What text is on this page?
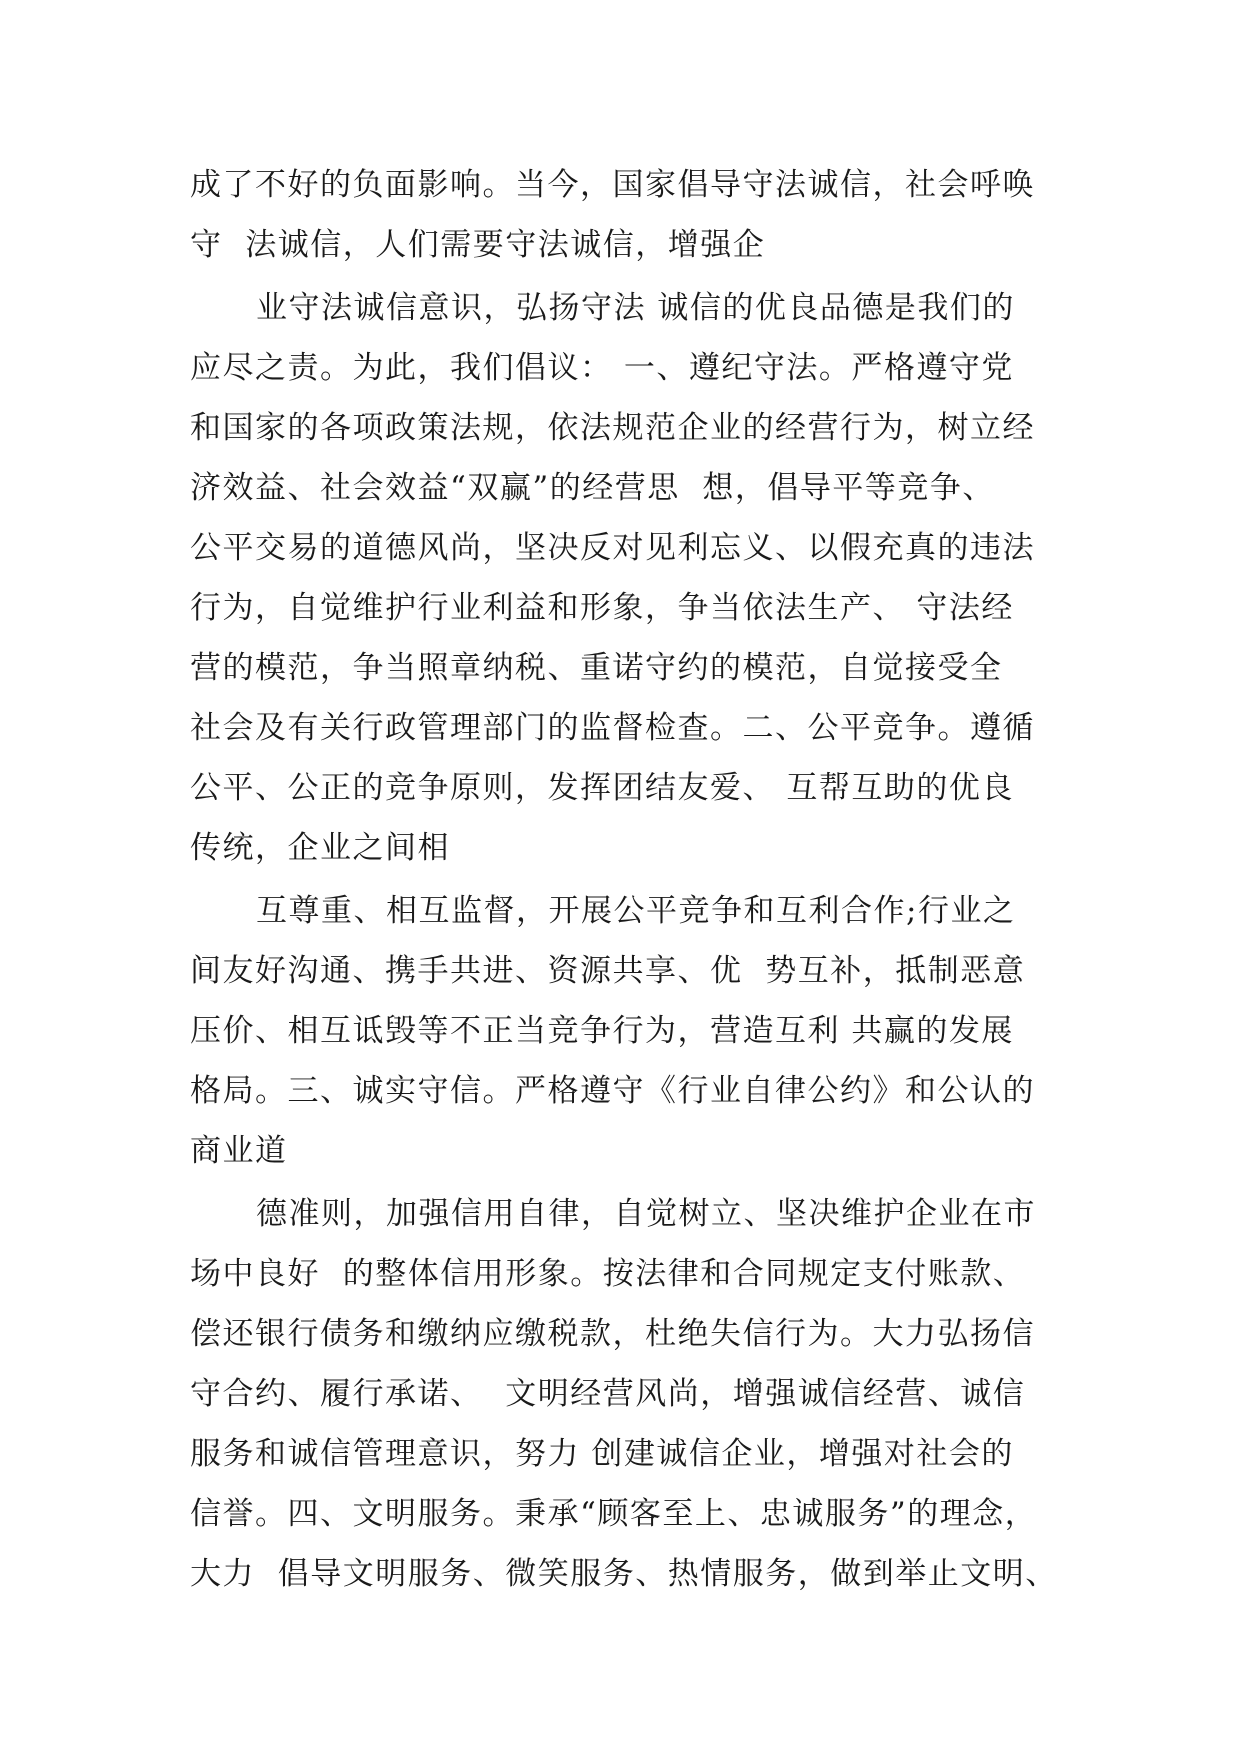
成了不好的负面影响。当今，国家倡导守法诚信，社会呼唤
守  法诚信，人们需要守法诚信，增强企
业守法诚信意识，弘扬守法 诚信的优良品德是我们的
应尽之责。为此，我们倡议： 一、遵纪守法。严格遵守党
和国家的各项政策法规，依法规范企业的经营行为，树立经
济效益、社会效益“双赢”的经营思  想，倡导平等竞争、
公平交易的道德风尚，坚决反对见利忘义、以假充真的违法
行为，自觉维护行业利益和形象，争当依法生产、 守法经
营的模范，争当照章纳税、重诺守约的模范，自觉接受全
社会及有关行政管理部门的监督检查。二、公平竞争。遵循
公平、公正的竞争原则，发挥团结友爱、 互帮互助的优良
传统，企业之间相
互尊重、相互监督，开展公平竞争和互利合作;行业之
间友好沟通、携手共进、资源共享、优  势互补，抵制恶意
压价、相互诋毁等不正当竞争行为，营造互利 共赢的发展
格局。三、诚实守信。严格遵守《行业自律公约》和公认的
商业道
德准则，加强信用自律，自觉树立、坚决维护企业在市
场中良好  的整体信用形象。按法律和合同规定支付账款、
偿还银行债务和缴纳应缴税款，杜绝失信行为。大力弘扬信
守合约、履行承诺、  文明经营风尚，增强诚信经营、诚信
服务和诚信管理意识，努力 创建诚信企业，增强对社会的
信誉。四、文明服务。秉承“顾客至上、忠诚服务”的理念，
大力  倡导文明服务、微笑服务、热情服务，做到举止文明、
